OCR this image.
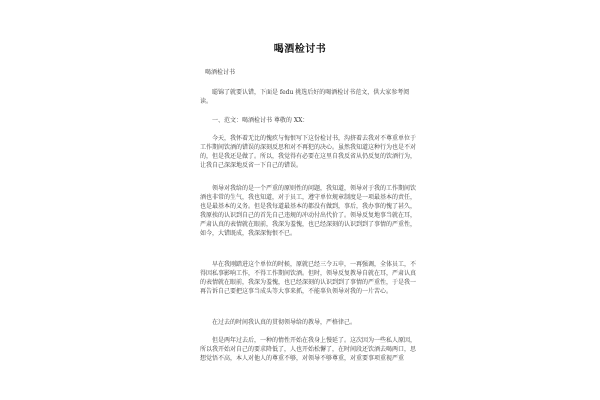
喝酒检讨书

喝酒检讨书

聪锦了就要认错，下面是 fedu 挑选后好的喝酒检讨书范文，供大家参考阅读。

一、范文：喝酒检讨书 尊敬的 XX：

今天，我怀着无比的愧疚与悔恨写下这份检讨书，沟挤着去我对不尊重单位于工作期间饮酒的错误的深刻反思和对不再犯的决心。虽然我知道这种行为也是不对的，但是我还是做了。所以，我觉得有必要在这里自我反省从仍反复的饮酒行为，让我自己深深地反省一下自己的错误。

领导对我给的是一个严重的原则性的问题，我知道，领导对于我的工作期间饮酒也非常的生气，我也知道，对于员工，遵守单位规章制度是一项最基本的责任，也是最基本的义务。但是我每道最基本的都没有做到，事后，我办事的愧了甚久，我原挨的认识到自己的首先自己违规的冲动付出代价了。领导反复地事当就在耳，严肃认真的表情就在眼前，我深为羞愧，也已经深刻的认识到到了事情的严重性，如今，大错既成，我深深悔恨不已。

早在我刚踏进这个单位的时候，原就已经三令五申，一再强调，全体员工，不得因私事影响工作，不得工作期间饮酒。但时，领导反复教导自就在耳，严肃认真的表情就在眼前，我深为羞愧，也已经深刻的认识到到了事情的严重性，于是我一再告诉自己要把这事当成头等大事来抓，不能辜负领导对我的一片苦心。

在过去的时间我认真的贯彻领导给的教导，严格律己。

但是两年过去后，一种的惰性开始在我身上慢延了。这次因为一些私人原因，所以我开始对自己的要求降低了，人也开始松懈了，在时间段还饮酒去喝两口，思想觉悟不高，本人对他人的尊重不够，对领导不够尊重，对重要事项重视严重
